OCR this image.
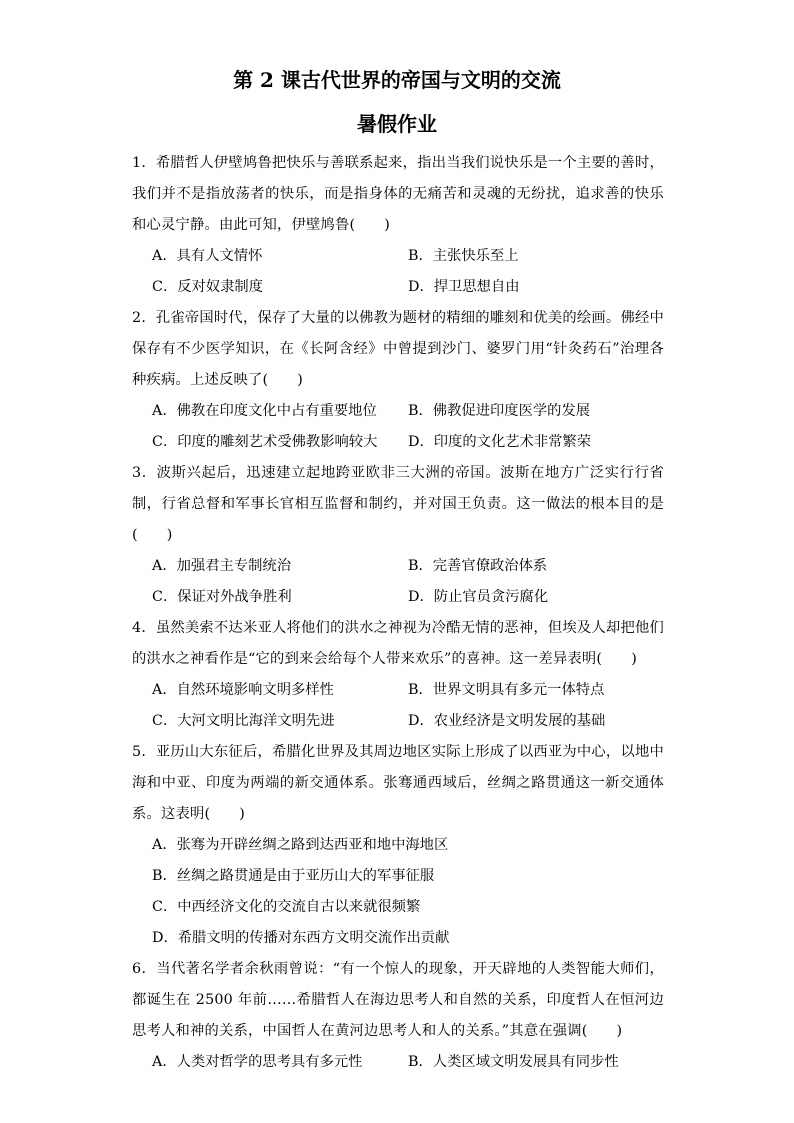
第 2 课古代世界的帝国与文明的交流
暑假作业

1．希腊哲人伊壁鸠鲁把快乐与善联系起来，指出当我们说快乐是一个主要的善时，我们并不是指放荡者的快乐，而是指身体的无痛苦和灵魂的无纷扰，追求善的快乐和心灵宁静。由此可知，伊壁鸠鲁(　　)

A．具有人文情怀	B．主张快乐至上
C．反对奴隶制度	D．捍卫思想自由

2．孔雀帝国时代，保存了大量的以佛教为题材的精细的雕刻和优美的绘画。佛经中保存有不少医学知识，在《长阿含经》中曾提到沙门、婆罗门用“针灸药石”治理各种疾病。上述反映了(　　)

A．佛教在印度文化中占有重要地位	B．佛教促进印度医学的发展
C．印度的雕刻艺术受佛教影响较大	D．印度的文化艺术非常繁荣

3．波斯兴起后，迅速建立起地跨亚欧非三大洲的帝国。波斯在地方广泛实行行省制，行省总督和军事长官相互监督和制约，并对国王负责。这一做法的根本目的是(　　)

A．加强君主专制统治	B．完善官僚政治体系
C．保证对外战争胜利	D．防止官员贪污腐化

4．虽然美索不达米亚人将他们的洪水之神视为冷酷无情的恶神，但埃及人却把他们的洪水之神看作是“它的到来会给每个人带来欢乐”的喜神。这一差异表明(　　)

A．自然环境影响文明多样性	B．世界文明具有多元一体特点
C．大河文明比海洋文明先进	D．农业经济是文明发展的基础

5．亚历山大东征后，希腊化世界及其周边地区实际上形成了以西亚为中心，以地中海和中亚、印度为两端的新交通体系。张骞通西域后，丝绸之路贯通这一新交通体系。这表明(　　)

A．张骞为开辟丝绸之路到达西亚和地中海地区
B．丝绸之路贯通是由于亚历山大的军事征服
C．中西经济文化的交流自古以来就很频繁
D．希腊文明的传播对东西方文明交流作出贡献

6．当代著名学者余秋雨曾说：“有一个惊人的现象，开天辟地的人类智能大师们，都诞生在 2500 年前……希腊哲人在海边思考人和自然的关系，印度哲人在恒河边思考人和神的关系，中国哲人在黄河边思考人和人的关系。”其意在强调(　　)

A．人类对哲学的思考具有多元性	B．人类区域文明发展具有同步性
